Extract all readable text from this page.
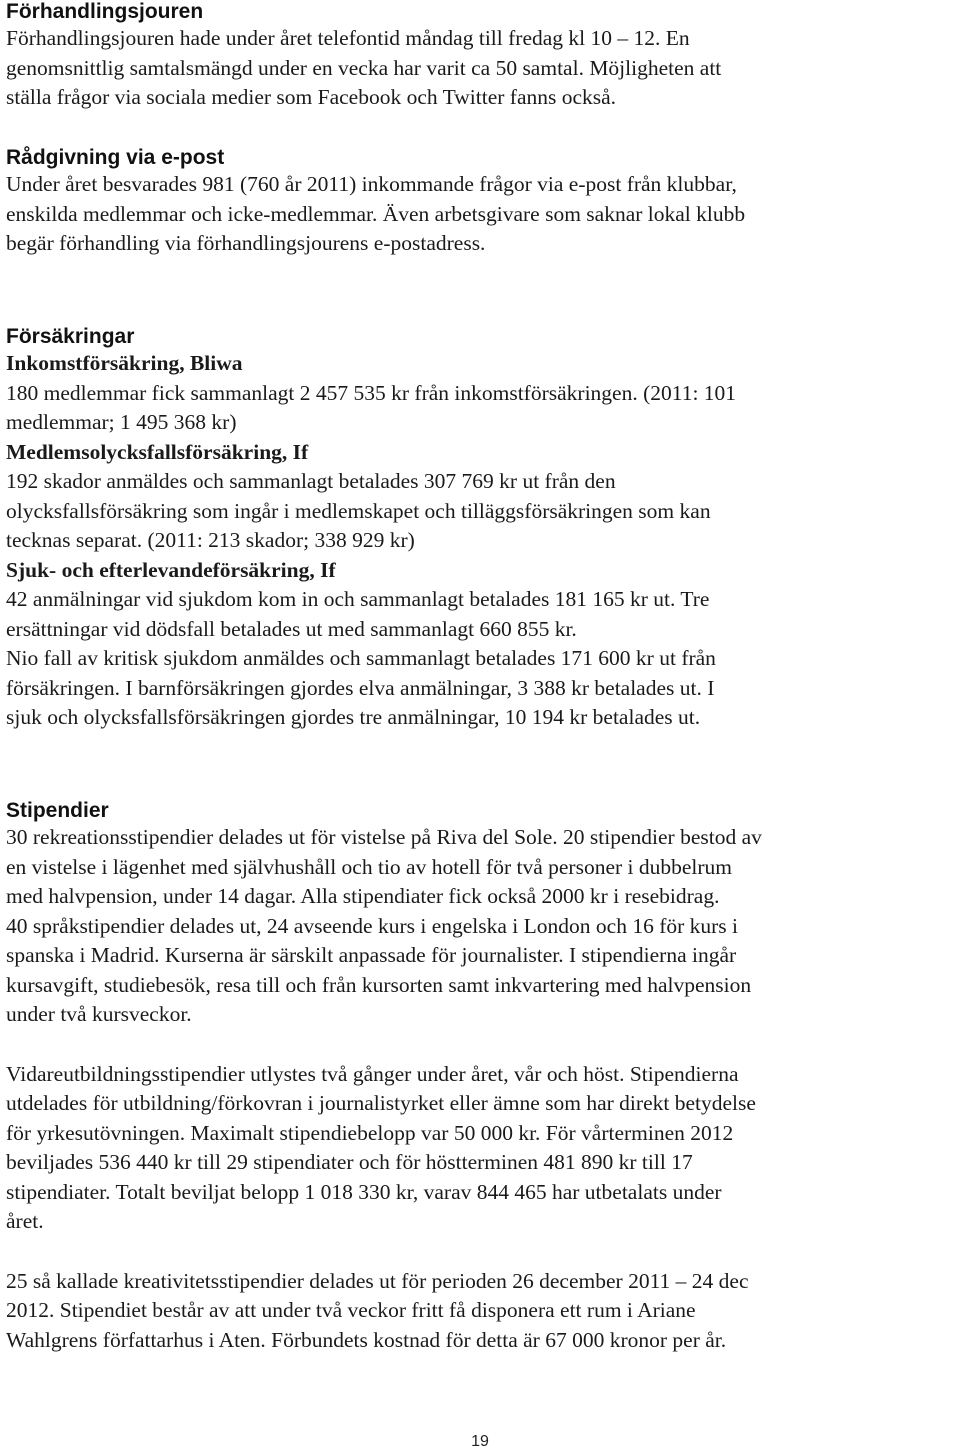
Förhandlingsjouren
Förhandlingsjouren hade under året telefontid måndag till fredag kl 10 – 12. En
genomsnittlig samtalsmängd under en vecka har varit ca 50 samtal. Möjligheten att
ställa frågor via sociala medier som Facebook och Twitter fanns också.
Rådgivning via e-post
Under året besvarades 981 (760 år 2011) inkommande frågor via e-post från klubbar,
enskilda medlemmar och icke-medlemmar. Även arbetsgivare som saknar lokal klubb
begär förhandling via förhandlingsjourens e-postadress.
Försäkringar
Inkomstförsäkring, Bliwa
180 medlemmar fick sammanlagt 2 457 535 kr från inkomstförsäkringen. (2011: 101
medlemmar; 1 495 368 kr)
Medlemsolycksfallsförsäkring, If
192 skador anmäldes och sammanlagt betalades 307 769 kr ut från den
olycksfallsförsäkring som ingår i medlemskapet och tilläggsförsäkringen som kan
tecknas separat. (2011: 213 skador; 338 929 kr)
Sjuk- och efterlevandeförsäkring, If
42 anmälningar vid sjukdom kom in och sammanlagt betalades 181 165 kr ut. Tre
ersättningar vid dödsfall betalades ut med sammanlagt 660 855 kr.
Nio fall av kritisk sjukdom anmäldes och sammanlagt betalades 171 600 kr ut från
försäkringen. I barnförsäkringen gjordes elva anmälningar, 3 388 kr betalades ut. I
sjuk och olycksfallsförsäkringen gjordes tre anmälningar, 10 194 kr betalades ut.
Stipendier
30 rekreationsstipendier delades ut för vistelse på Riva del Sole. 20 stipendier bestod av
en vistelse i lägenhet med självhushåll och tio av hotell för två personer i dubbelrum
med halvpension, under 14 dagar. Alla stipendiater fick också 2000 kr i resebidrag.
40 språkstipendier delades ut, 24 avseende kurs i engelska i London och 16 för kurs i
spanska i Madrid. Kurserna är särskilt anpassade för journalister. I stipendierna ingår
kursavgift, studiebesök, resa till och från kursorten samt inkvartering med halvpension
under två kursveckor.
Vidareutbildningsstipendier utlystes två gånger under året, vår och höst. Stipendierna
utdelades för utbildning/förkovran i journalistyrket eller ämne som har direkt betydelse
för yrkesutövningen. Maximalt stipendiebelopp var 50 000 kr. För vårterminen 2012
beviljades 536 440 kr till 29 stipendiater och för höstterminen 481 890 kr till 17
stipendiater. Totalt beviljat belopp 1 018 330 kr, varav 844 465 har utbetalats under
året.
25 så kallade kreativitetsstipendier delades ut för perioden 26 december 2011 – 24 dec
2012. Stipendiet består av att under två veckor fritt få disponera ett rum i Ariane
Wahlgrens författarhus i Aten. Förbundets kostnad för detta är 67 000 kronor per år.
19
